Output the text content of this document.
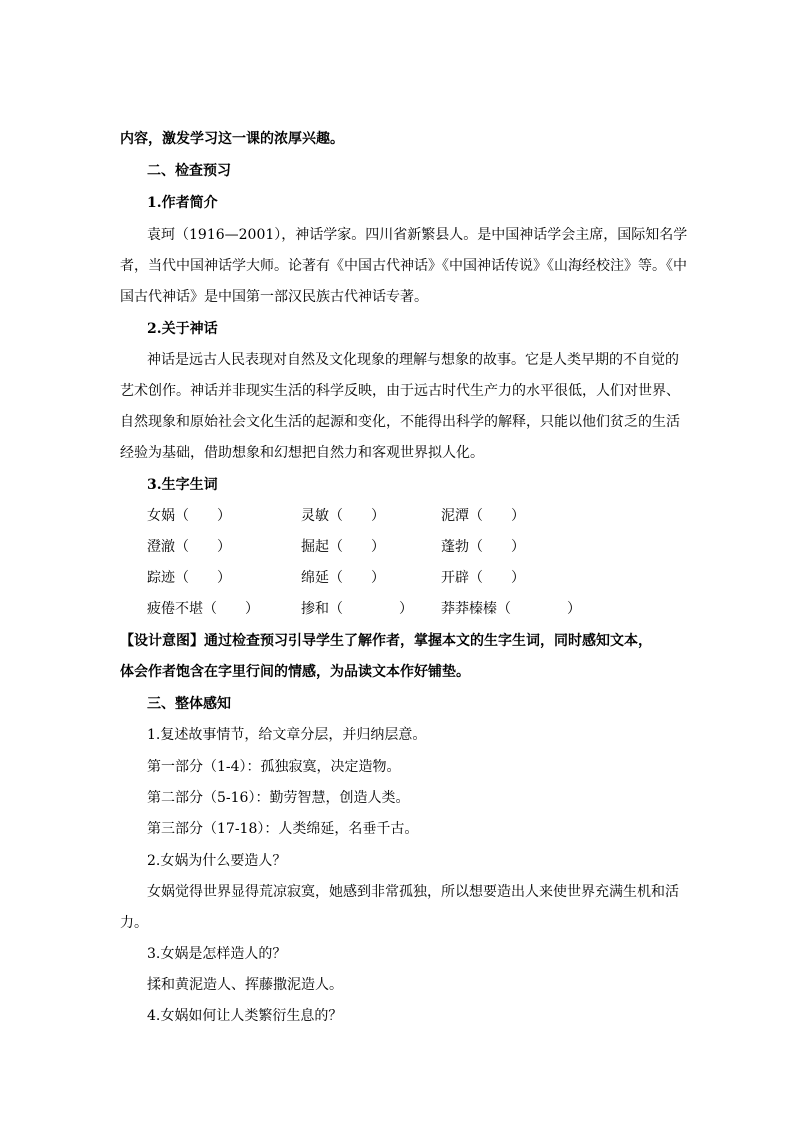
内容，激发学习这一课的浓厚兴趣。
二、检查预习
1.作者简介
袁珂（1916—2001），神话学家。四川省新繁县人。是中国神话学会主席，国际知名学
者，当代中国神话学大师。论著有《中国古代神话》《中国神话传说》《山海经校注》等。《中
国古代神话》是中国第一部汉民族古代神话专著。
2.关于神话
神话是远古人民表现对自然及文化现象的理解与想象的故事。它是人类早期的不自觉的
艺术创作。神话并非现实生活的科学反映，由于远古时代生产力的水平很低，人们对世界、
自然现象和原始社会文化生活的起源和变化，不能得出科学的解释，只能以他们贫乏的生活
经验为基础，借助想象和幻想把自然力和客观世界拟人化。
3.生字生词
女娲（　　）	灵敏（　　）	泥潭（　　）
澄澈（　　）	掘起（　　）	蓬勃（　　）
踪迹（　　）	绵延（　　）	开辟（　　）
疲倦不堪（　　）	掺和（　　　　） 莽莽榛榛（　　　　）
【设计意图】通过检查预习引导学生了解作者，掌握本文的生字生词，同时感知文本，
体会作者饱含在字里行间的情感，为品读文本作好铺垫。
三、整体感知
1.复述故事情节，给文章分层，并归纳层意。
第一部分（1-4）：孤独寂寞，决定造物。
第二部分（5-16）：勤劳智慧，创造人类。
第三部分（17-18）：人类绵延，名垂千古。
2.女娲为什么要造人？
女娲觉得世界显得荒凉寂寞，她感到非常孤独，所以想要造出人来使世界充满生机和活
力。
3.女娲是怎样造人的？
揉和黄泥造人、挥藤撒泥造人。
4.女娲如何让人类繁衍生息的？
